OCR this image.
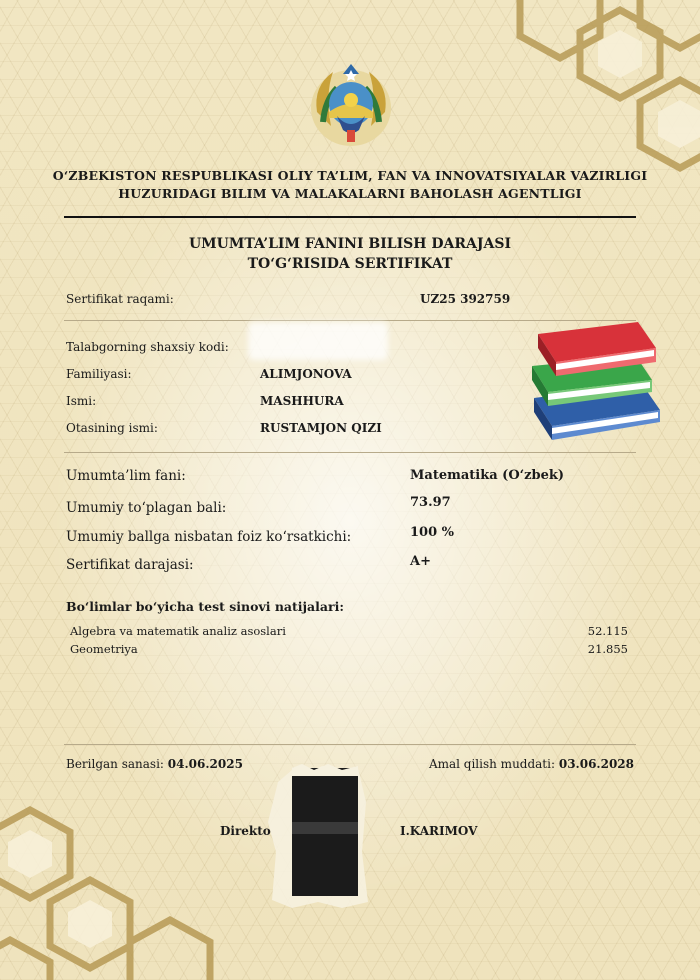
O‘ZBEKISTON RESPUBLIKASI OLIY TA’LIM, FAN VA INNOVATSIYALAR VAZIRLIGI
HUZURIDAGI BILIM VA MALAKALARNI BAHOLASH AGENTLIGI
UMUMTA’LIM FANINI BILISH DARAJASI
TO‘G‘RISIDA SERTIFIKAT
Sertifikat raqami:	UZ25 392759
Talabgorning shaxsiy kodi:
Familiyasi:	ALIMJONOVA
Ismi:	MASHHURA
Otasining ismi:	RUSTAMJON QIZI
Umumta’lim fani:	Matematika (O‘zbek)
Umumiy to‘plagan bali:	73.97
Umumiy ballga nisbatan foiz ko‘rsatkichi:	100 %
Sertifikat darajasi:	A+
Bo‘limlar bo‘yicha test sinovi natijalari:
Algebra va matematik analiz asoslari	52.115
Geometriya	21.855
Berilgan sanasi: 04.06.2025	Amal qilish muddati: 03.06.2028
Direkto	I.KARIMOV
